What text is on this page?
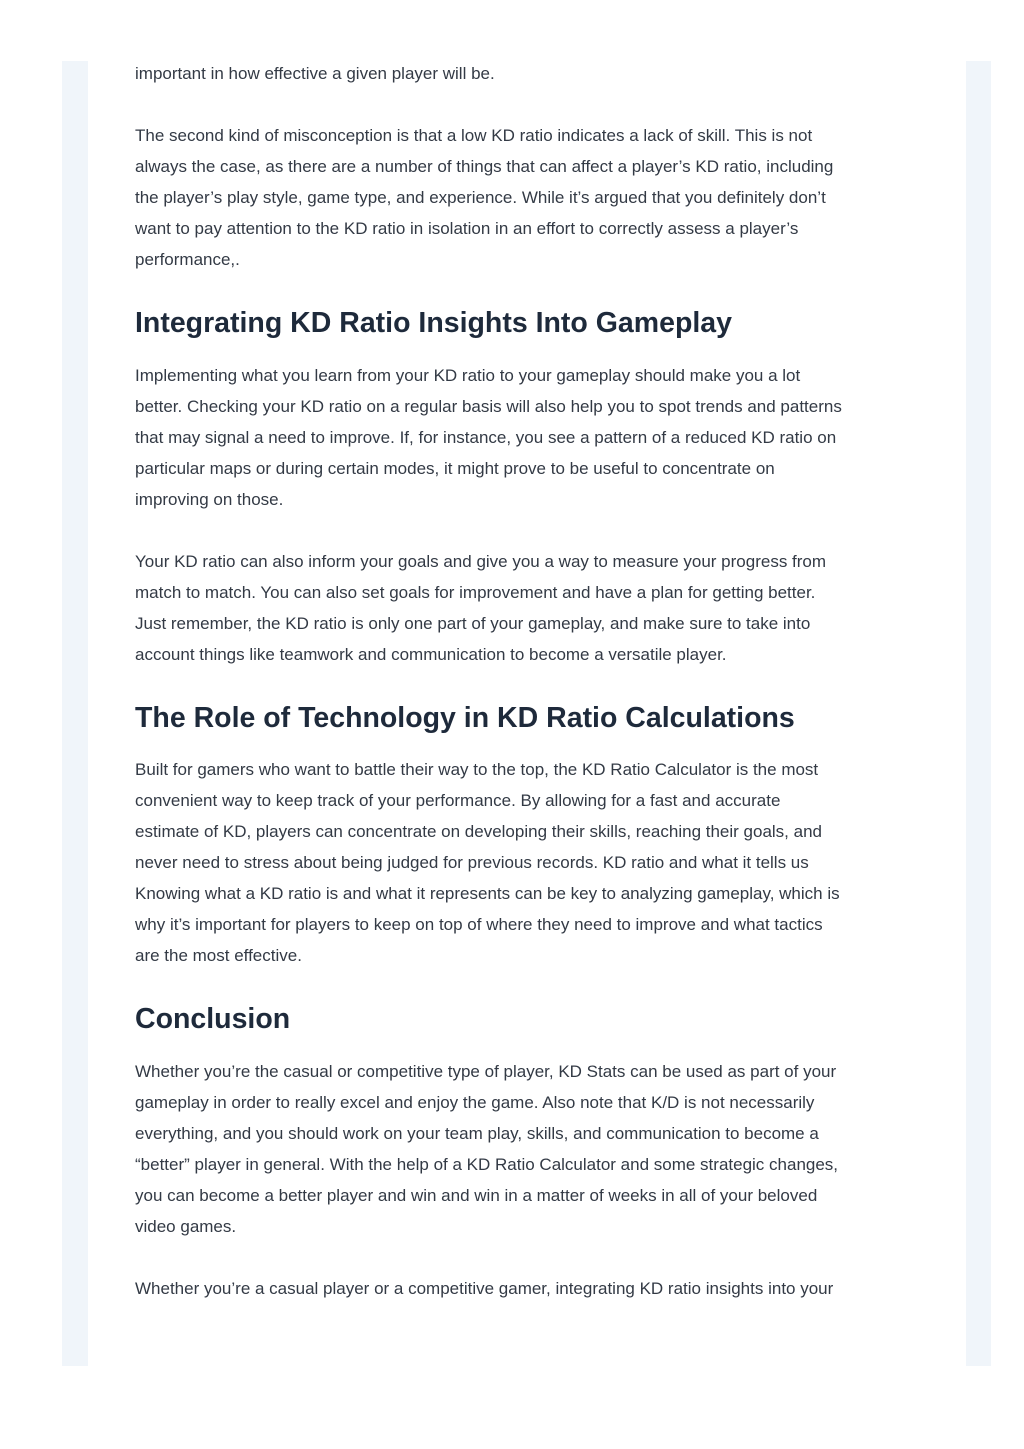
important in how effective a given player will be.

The second kind of misconception is that a low KD ratio indicates a lack of skill. This is not
always the case, as there are a number of things that can affect a player’s KD ratio, including
the player’s play style, game type, and experience. While it’s argued that you definitely don’t
want to pay attention to the KD ratio in isolation in an effort to correctly assess a player’s
performance,.

Integrating KD Ratio Insights Into Gameplay

Implementing what you learn from your KD ratio to your gameplay should make you a lot
better. Checking your KD ratio on a regular basis will also help you to spot trends and patterns
that may signal a need to improve. If, for instance, you see a pattern of a reduced KD ratio on
particular maps or during certain modes, it might prove to be useful to concentrate on
improving on those.

Your KD ratio can also inform your goals and give you a way to measure your progress from
match to match. You can also set goals for improvement and have a plan for getting better.
Just remember, the KD ratio is only one part of your gameplay, and make sure to take into
account things like teamwork and communication to become a versatile player.

The Role of Technology in KD Ratio Calculations

Built for gamers who want to battle their way to the top, the KD Ratio Calculator is the most
convenient way to keep track of your performance. By allowing for a fast and accurate
estimate of KD, players can concentrate on developing their skills, reaching their goals, and
never need to stress about being judged for previous records. KD ratio and what it tells us
Knowing what a KD ratio is and what it represents can be key to analyzing gameplay, which is
why it’s important for players to keep on top of where they need to improve and what tactics
are the most effective.

Conclusion

Whether you’re the casual or competitive type of player, KD Stats can be used as part of your
gameplay in order to really excel and enjoy the game. Also note that K/D is not necessarily
everything, and you should work on your team play, skills, and communication to become a
“better” player in general. With the help of a KD Ratio Calculator and some strategic changes,
you can become a better player and win and win in a matter of weeks in all of your beloved
video games.

Whether you’re a casual player or a competitive gamer, integrating KD ratio insights into your
